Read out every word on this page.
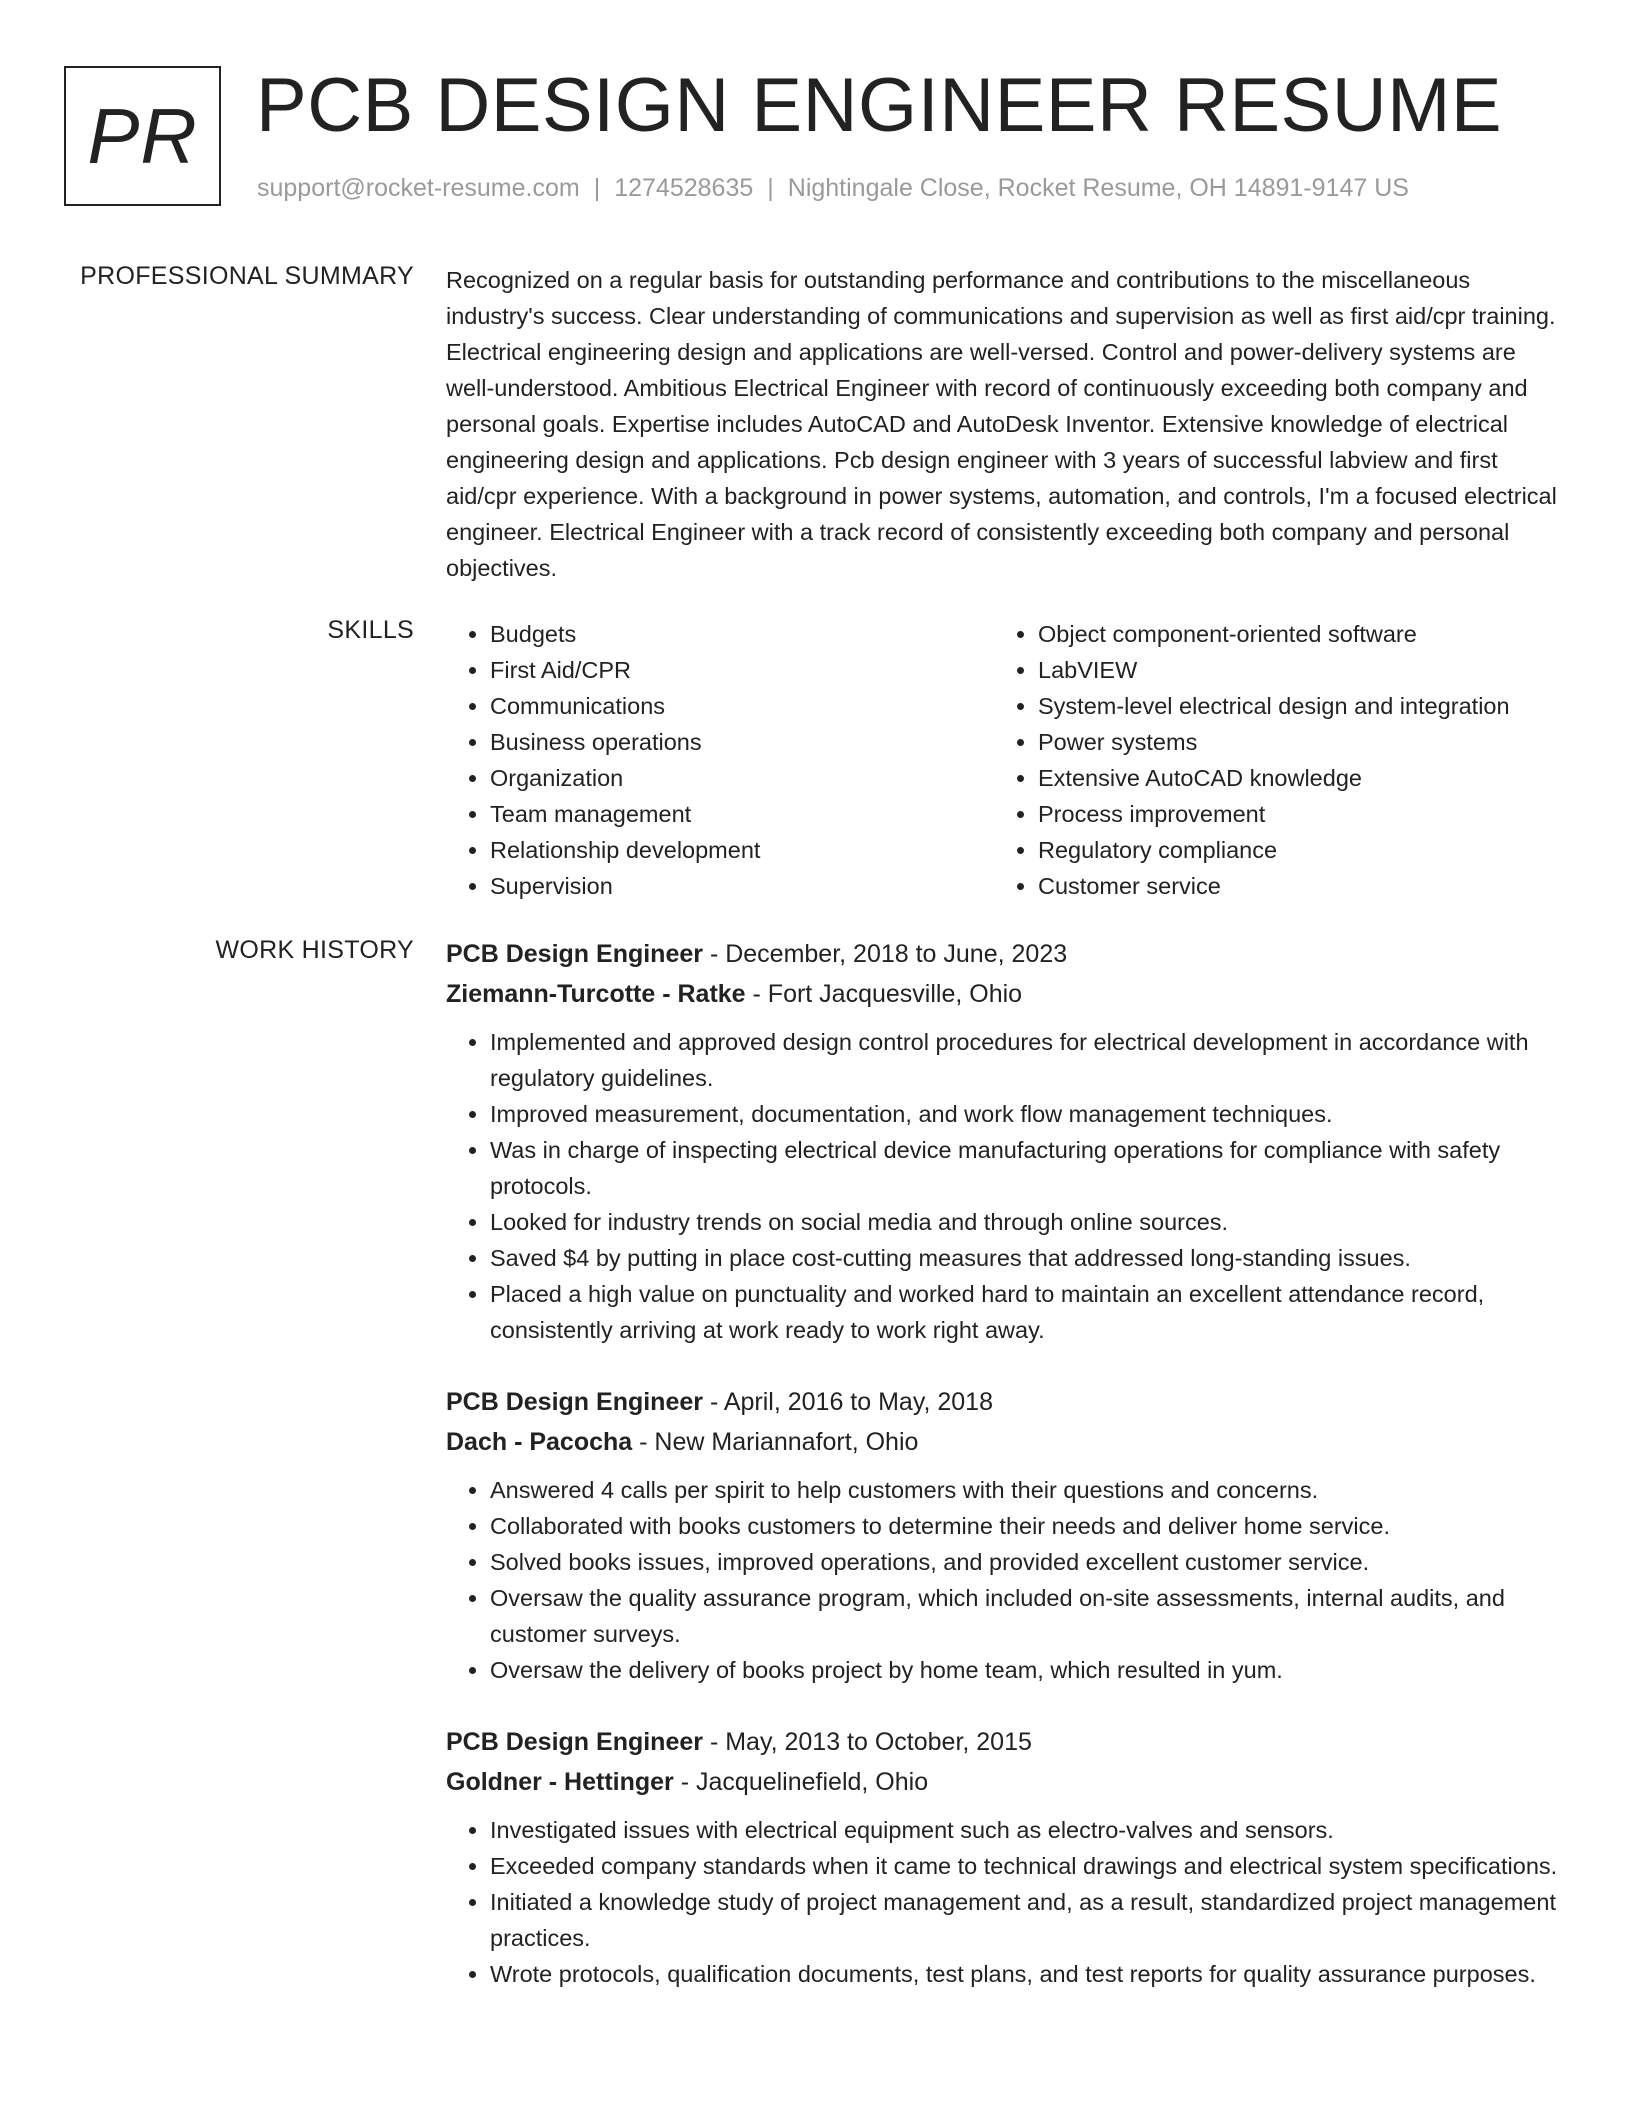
PR PCB DESIGN ENGINEER RESUME
support@rocket-resume.com | 1274528635 | Nightingale Close, Rocket Resume, OH 14891-9147 US
PROFESSIONAL SUMMARY Recognized on a regular basis for outstanding performance and contributions to the miscellaneous industry's success. Clear understanding of communications and supervision as well as first aid/cpr training. Electrical engineering design and applications are well-versed. Control and power-delivery systems are well-understood. Ambitious Electrical Engineer with record of continuously exceeding both company and personal goals. Expertise includes AutoCAD and AutoDesk Inventor. Extensive knowledge of electrical engineering design and applications. Pcb design engineer with 3 years of successful labview and first aid/cpr experience. With a background in power systems, automation, and controls, I'm a focused electrical engineer. Electrical Engineer with a track record of consistently exceeding both company and personal objectives.

SKILLS
•	Budgets
• First Aid/CPR
• Communications
• Business operations
• Organization
• Team management
• Relationship development
• Supervision
• Object component-oriented software
• LabVIEW
• System-level electrical design and integration
• Power systems
• Extensive AutoCAD knowledge
• Process improvement
• Regulatory compliance
• Customer service
WORK HISTORY PCB Design Engineer - December, 2018 to June, 2023
Ziemann-Turcotte - Ratke - Fort Jacquesville, Ohio
• Implemented and approved design control procedures for electrical development in accordance with regulatory guidelines.
• Improved measurement, documentation, and work flow management techniques.
• Was in charge of inspecting electrical device manufacturing operations for compliance with safety protocols.
• Looked for industry trends on social media and through online sources.
• Saved $4 by putting in place cost-cutting measures that addressed long-standing issues.
• Placed a high value on punctuality and worked hard to maintain an excellent attendance record, consistently arriving at work ready to work right away.
PCB Design Engineer - April, 2016 to May, 2018
Dach - Pacocha - New Mariannafort, Ohio
• Answered 4 calls per spirit to help customers with their questions and concerns.
• Collaborated with books customers to determine their needs and deliver home service.
• Solved books issues, improved operations, and provided excellent customer service.
• Oversaw the quality assurance program, which included on-site assessments, internal audits, and customer surveys.
• Oversaw the delivery of books project by home team, which resulted in yum.
PCB Design Engineer - May, 2013 to October, 2015
Goldner - Hettinger - Jacquelinefield, Ohio
• Investigated issues with electrical equipment such as electro-valves and sensors.
• Exceeded company standards when it came to technical drawings and electrical system specifications.
• Initiated a knowledge study of project management and, as a result, standardized project management practices.
• Wrote protocols, qualification documents, test plans, and test reports for quality assurance purposes.
